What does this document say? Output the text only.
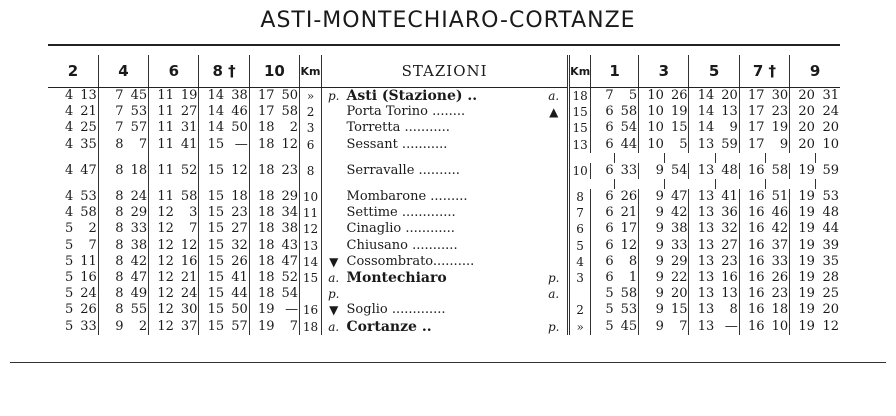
ASTI-MONTECHIARO-CORTANZE
2		4		6		8 †		10		Km	STAZIONI			Km	1		3		5		7 †		9	
4	13	7	45	11	19	14	38	17	50	»	p.	Asti (Stazione) ..	a.	18	7	5	10	26	14	20	17	30	20	31
4	21	7	53	11	27	14	46	17	58	2		Porta Torino ........	▲	15	6	58	10	19	14	13	17	23	20	24
4	25	7	57	11	31	14	50	18	2	3		Torretta ...........		15	6	54	10	15	14	9	17	19	20	20
4	35	8	7	11	41	15	—	18	12	6		Sessant ...........		13	6	44	10	5	13	59	17	9	20	10

4	47	8	18	11	52	15	12	18	23	8		Serravalle ..........		10	6	33	9	54	13	48	16	58	19	59

4	53	8	24	11	58	15	18	18	29	10		Mombarone .........		8	6	26	9	47	13	41	16	51	19	53
4	58	8	29	12	3	15	23	18	34	11		Settime .............		7	6	21	9	42	13	36	16	46	19	48
5	2	8	33	12	7	15	27	18	38	12		Cinaglio ............		6	6	17	9	38	13	32	16	42	19	44
5	7	8	38	12	12	15	32	18	43	13		Chiusano ...........		5	6	12	9	33	13	27	16	37	19	39
5	11	8	42	12	16	15	26	18	47	14	▼	Cossombrato..........		4	6	8	9	29	13	23	16	33	19	35
5	16	8	47	12	21	15	41	18	52	15	a.	Montechiaro	p.	3	6	1	9	22	13	16	16	26	19	28
5	24	8	49	12	24	15	44	18	54		p.		a.		5	58	9	20	13	13	16	23	19	25
5	26	8	55	12	30	15	50	19	—	16	▼	Soglio .............		2	5	53	9	15	13	8	16	18	19	20
5	33	9	2	12	37	15	57	19	7	18	a.	Cortanze ..	p.	»	5	45	9	7	13	—	16	10	19	12
